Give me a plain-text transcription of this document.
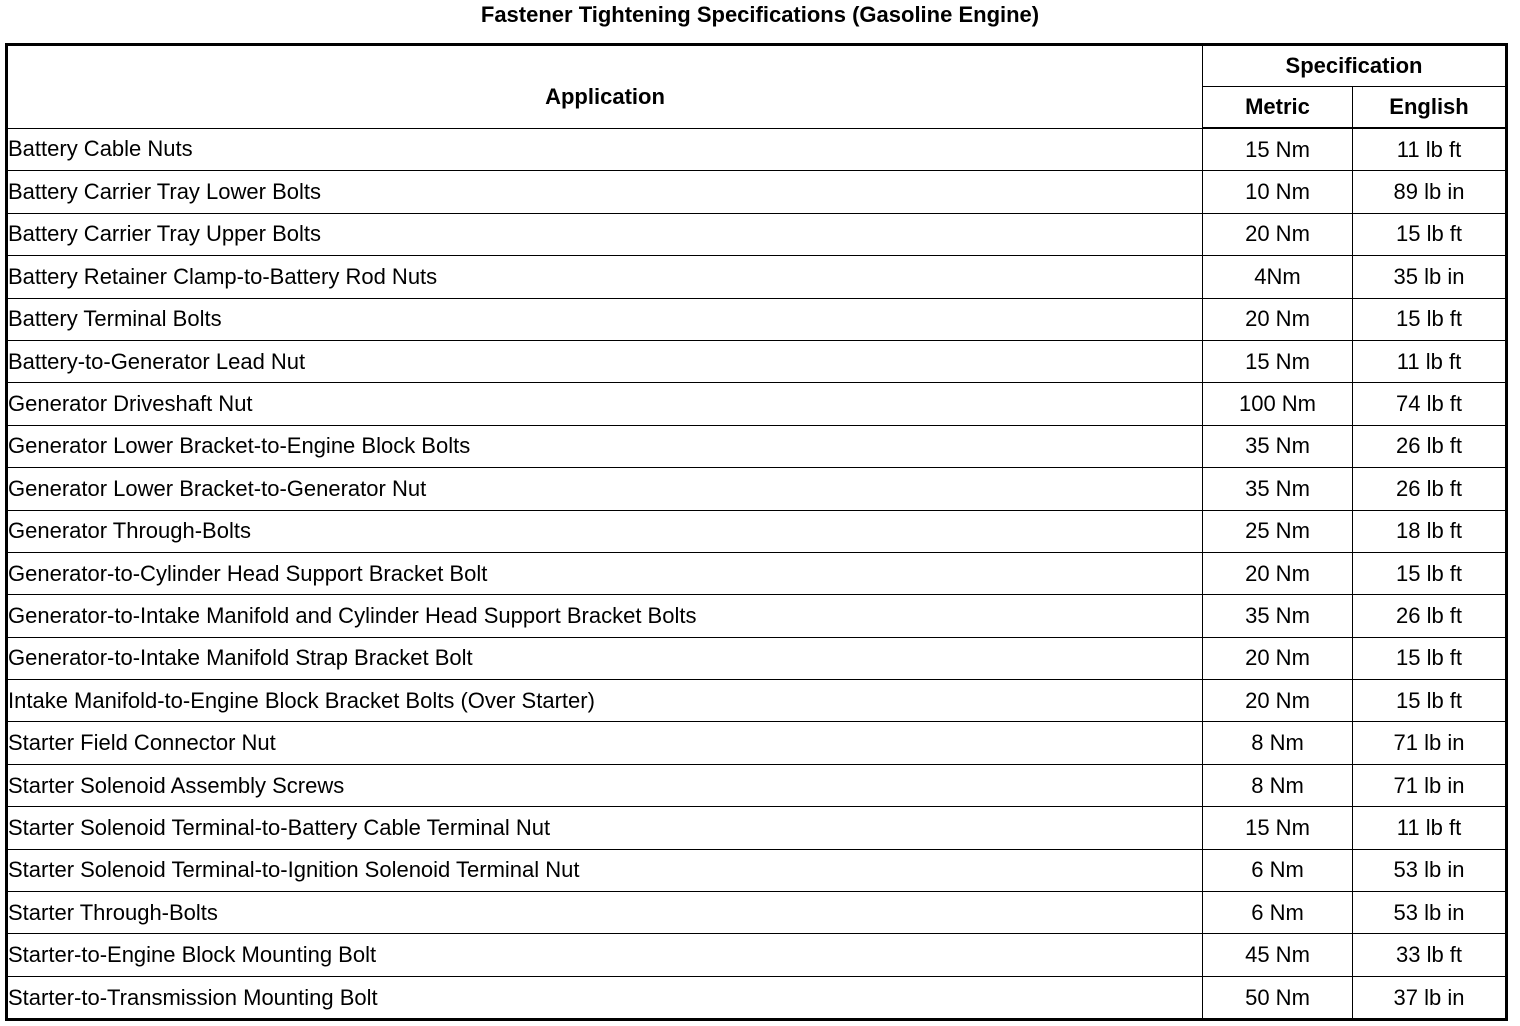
Fastener Tightening Specifications (Gasoline Engine)
Application	Specification	
	Metric	English
Battery Cable Nuts	15 Nm	11 lb ft
Battery Carrier Tray Lower Bolts	10 Nm	89 lb in
Battery Carrier Tray Upper Bolts	20 Nm	15 lb ft
Battery Retainer Clamp-to-Battery Rod Nuts	4Nm	35 lb in
Battery Terminal Bolts	20 Nm	15 lb ft
Battery-to-Generator Lead Nut	15 Nm	11 lb ft
Generator Driveshaft Nut	100 Nm	74 lb ft
Generator Lower Bracket-to-Engine Block Bolts	35 Nm	26 lb ft
Generator Lower Bracket-to-Generator Nut	35 Nm	26 lb ft
Generator Through-Bolts	25 Nm	18 lb ft
Generator-to-Cylinder Head Support Bracket Bolt	20 Nm	15 lb ft
Generator-to-Intake Manifold and Cylinder Head Support Bracket Bolts	35 Nm	26 lb ft
Generator-to-Intake Manifold Strap Bracket Bolt	20 Nm	15 lb ft
Intake Manifold-to-Engine Block Bracket Bolts (Over Starter)	20 Nm	15 lb ft
Starter Field Connector Nut	8 Nm	71 lb in
Starter Solenoid Assembly Screws	8 Nm	71 lb in
Starter Solenoid Terminal-to-Battery Cable Terminal Nut	15 Nm	11 lb ft
Starter Solenoid Terminal-to-Ignition Solenoid Terminal Nut	6 Nm	53 lb in
Starter Through-Bolts	6 Nm	53 lb in
Starter-to-Engine Block Mounting Bolt	45 Nm	33 lb ft
Starter-to-Transmission Mounting Bolt	50 Nm	37 lb in
